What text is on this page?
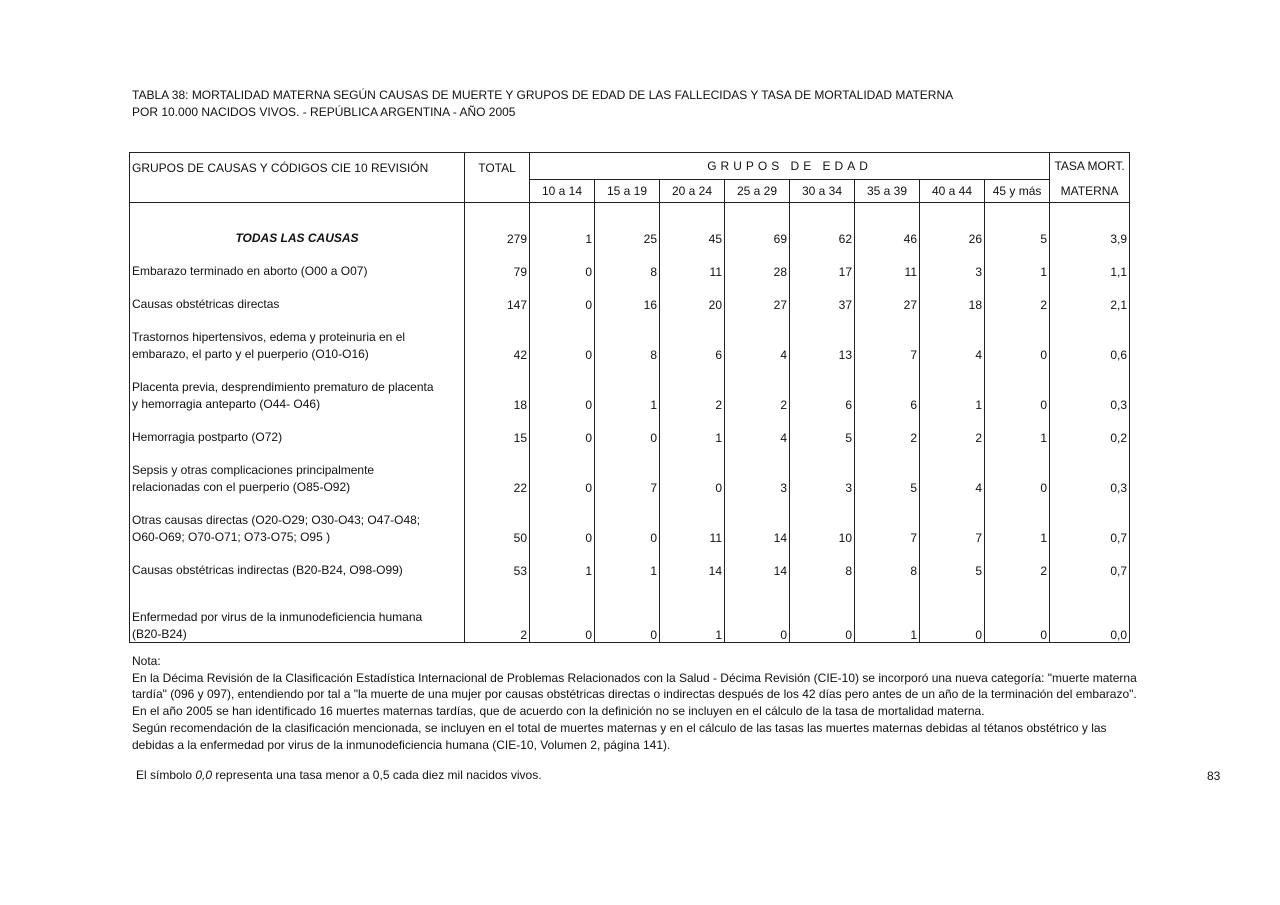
TABLA 38: MORTALIDAD MATERNA SEGÚN CAUSAS DE MUERTE Y GRUPOS DE EDAD DE LAS FALLECIDAS Y TASA DE MORTALIDAD MATERNA
POR 10.000 NACIDOS VIVOS. - REPÚBLICA ARGENTINA - AÑO 2005
GRUPOS DE CAUSAS Y CÓDIGOS CIE 10 REVISIÓN	TOTAL	GRUPOS DE EDAD								TASA MORT.
		10 a 14	15 a 19	20 a 24	25 a 29	30 a 34	35 a 39	40 a 44	45 y más	MATERNA

TODAS LAS CAUSAS	279	1	25	45	69	62	46	26	5	3,9

Embarazo terminado en aborto (O00 a O07)	79	0	8	11	28	17	11	3	1	1,1

Causas obstétricas directas	147	0	16	20	27	37	27	18	2	2,1

Trastornos hipertensivos, edema y proteinuria en el
embarazo, el parto y el puerperio (O10-O16)	42	0	8	6	4	13	7	4	0	0,6

Placenta previa, desprendimiento prematuro de placenta
y hemorragia anteparto (O44- O46)	18	0	1	2	2	6	6	1	0	0,3

Hemorragia postparto (O72)	15	0	0	1	4	5	2	2	1	0,2

Sepsis y otras complicaciones principalmente
relacionadas con el puerperio (O85-O92)	22	0	7	0	3	3	5	4	0	0,3

Otras causas directas (O20-O29; O30-O43; O47-O48;
O60-O69; O70-O71; O73-O75; O95 )	50	0	0	11	14	10	7	7	1	0,7

Causas obstétricas indirectas (B20-B24, O98-O99)	53	1	1	14	14	8	8	5	2	0,7

Enfermedad por virus de la inmunodeficiencia humana
(B20-B24)	2	0	0	1	0	0	1	0	0	0,0
Nota:
En la Décima Revisión de la Clasificación Estadística Internacional de Problemas Relacionados con la Salud - Décima Revisión (CIE-10) se incorporó una nueva categoría: "muerte materna
tardía" (096 y 097), entendiendo por tal a "la muerte de una mujer por causas obstétricas directas o indirectas después de los 42 días pero antes de un año de la terminación del embarazo".
En el año 2005 se han identificado 16 muertes maternas tardías, que de acuerdo con la definición no se incluyen en el cálculo de la tasa de mortalidad materna.
Según recomendación de la clasificación mencionada, se incluyen en el total de muertes maternas y en el cálculo de las tasas las muertes maternas debidas al tétanos obstétrico y las
debidas a la enfermedad por virus de la inmunodeficiencia humana (CIE-10, Volumen 2, página 141).
El símbolo 0,0 representa una tasa menor a 0,5 cada diez mil nacidos vivos.	83
